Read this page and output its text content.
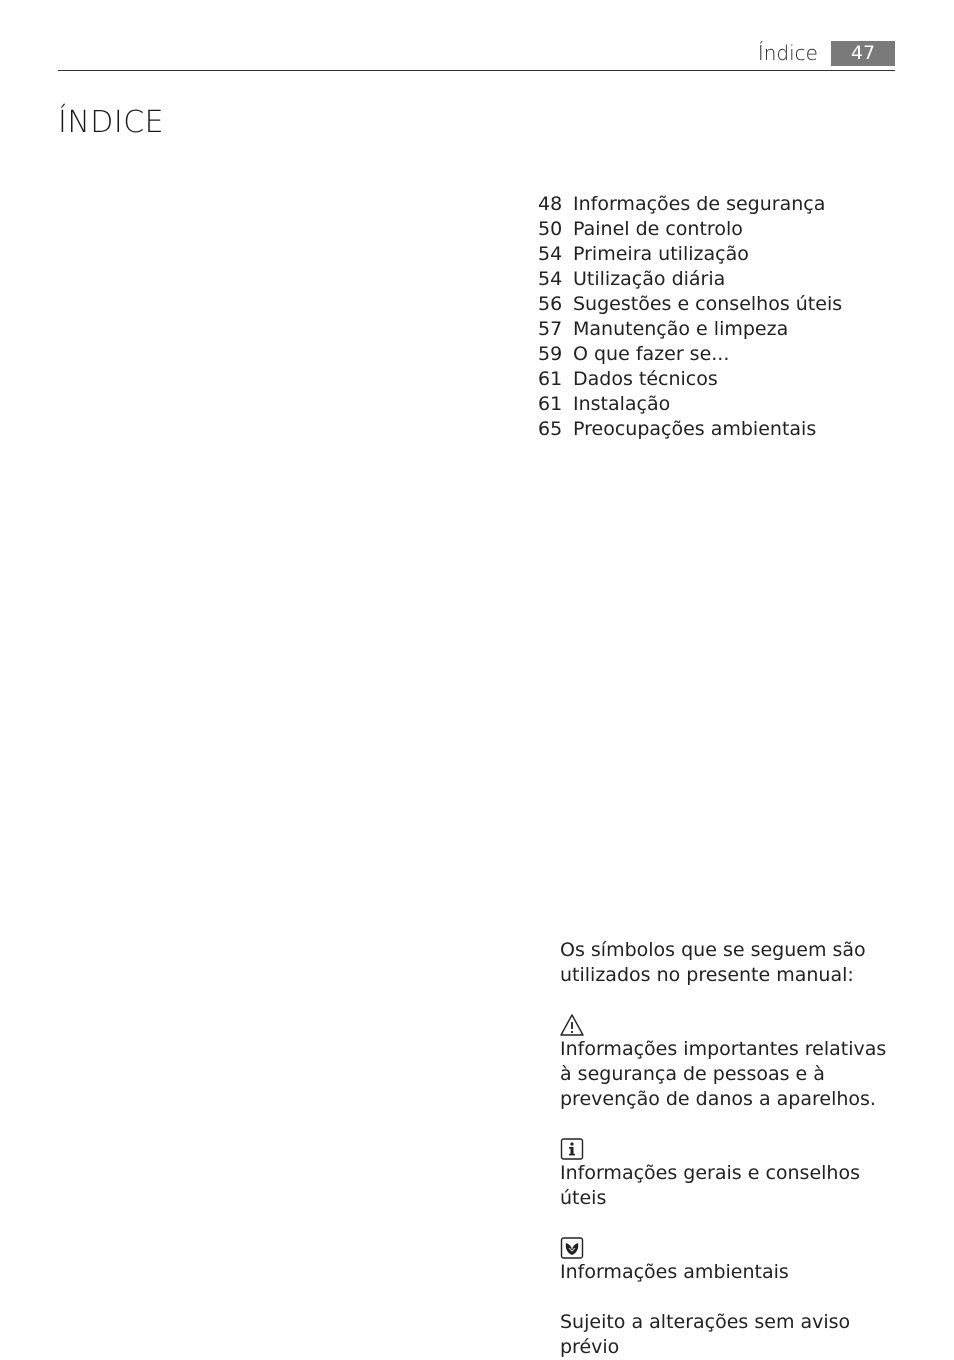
Índice	47
ÍNDICE
48 Informações de segurança
50 Painel de controlo
54 Primeira utilização
54 Utilização diária
56 Sugestões e conselhos úteis
57 Manutenção e limpeza
59 O que fazer se...
61 Dados técnicos
61 Instalação
65 Preocupações ambientais

Os símbolos que se seguem são utilizados no presente manual:

Informações importantes relativas à segurança de pessoas e à prevenção de danos a aparelhos.

Informações gerais e conselhos úteis

Informações ambientais

Sujeito a alterações sem aviso prévio
